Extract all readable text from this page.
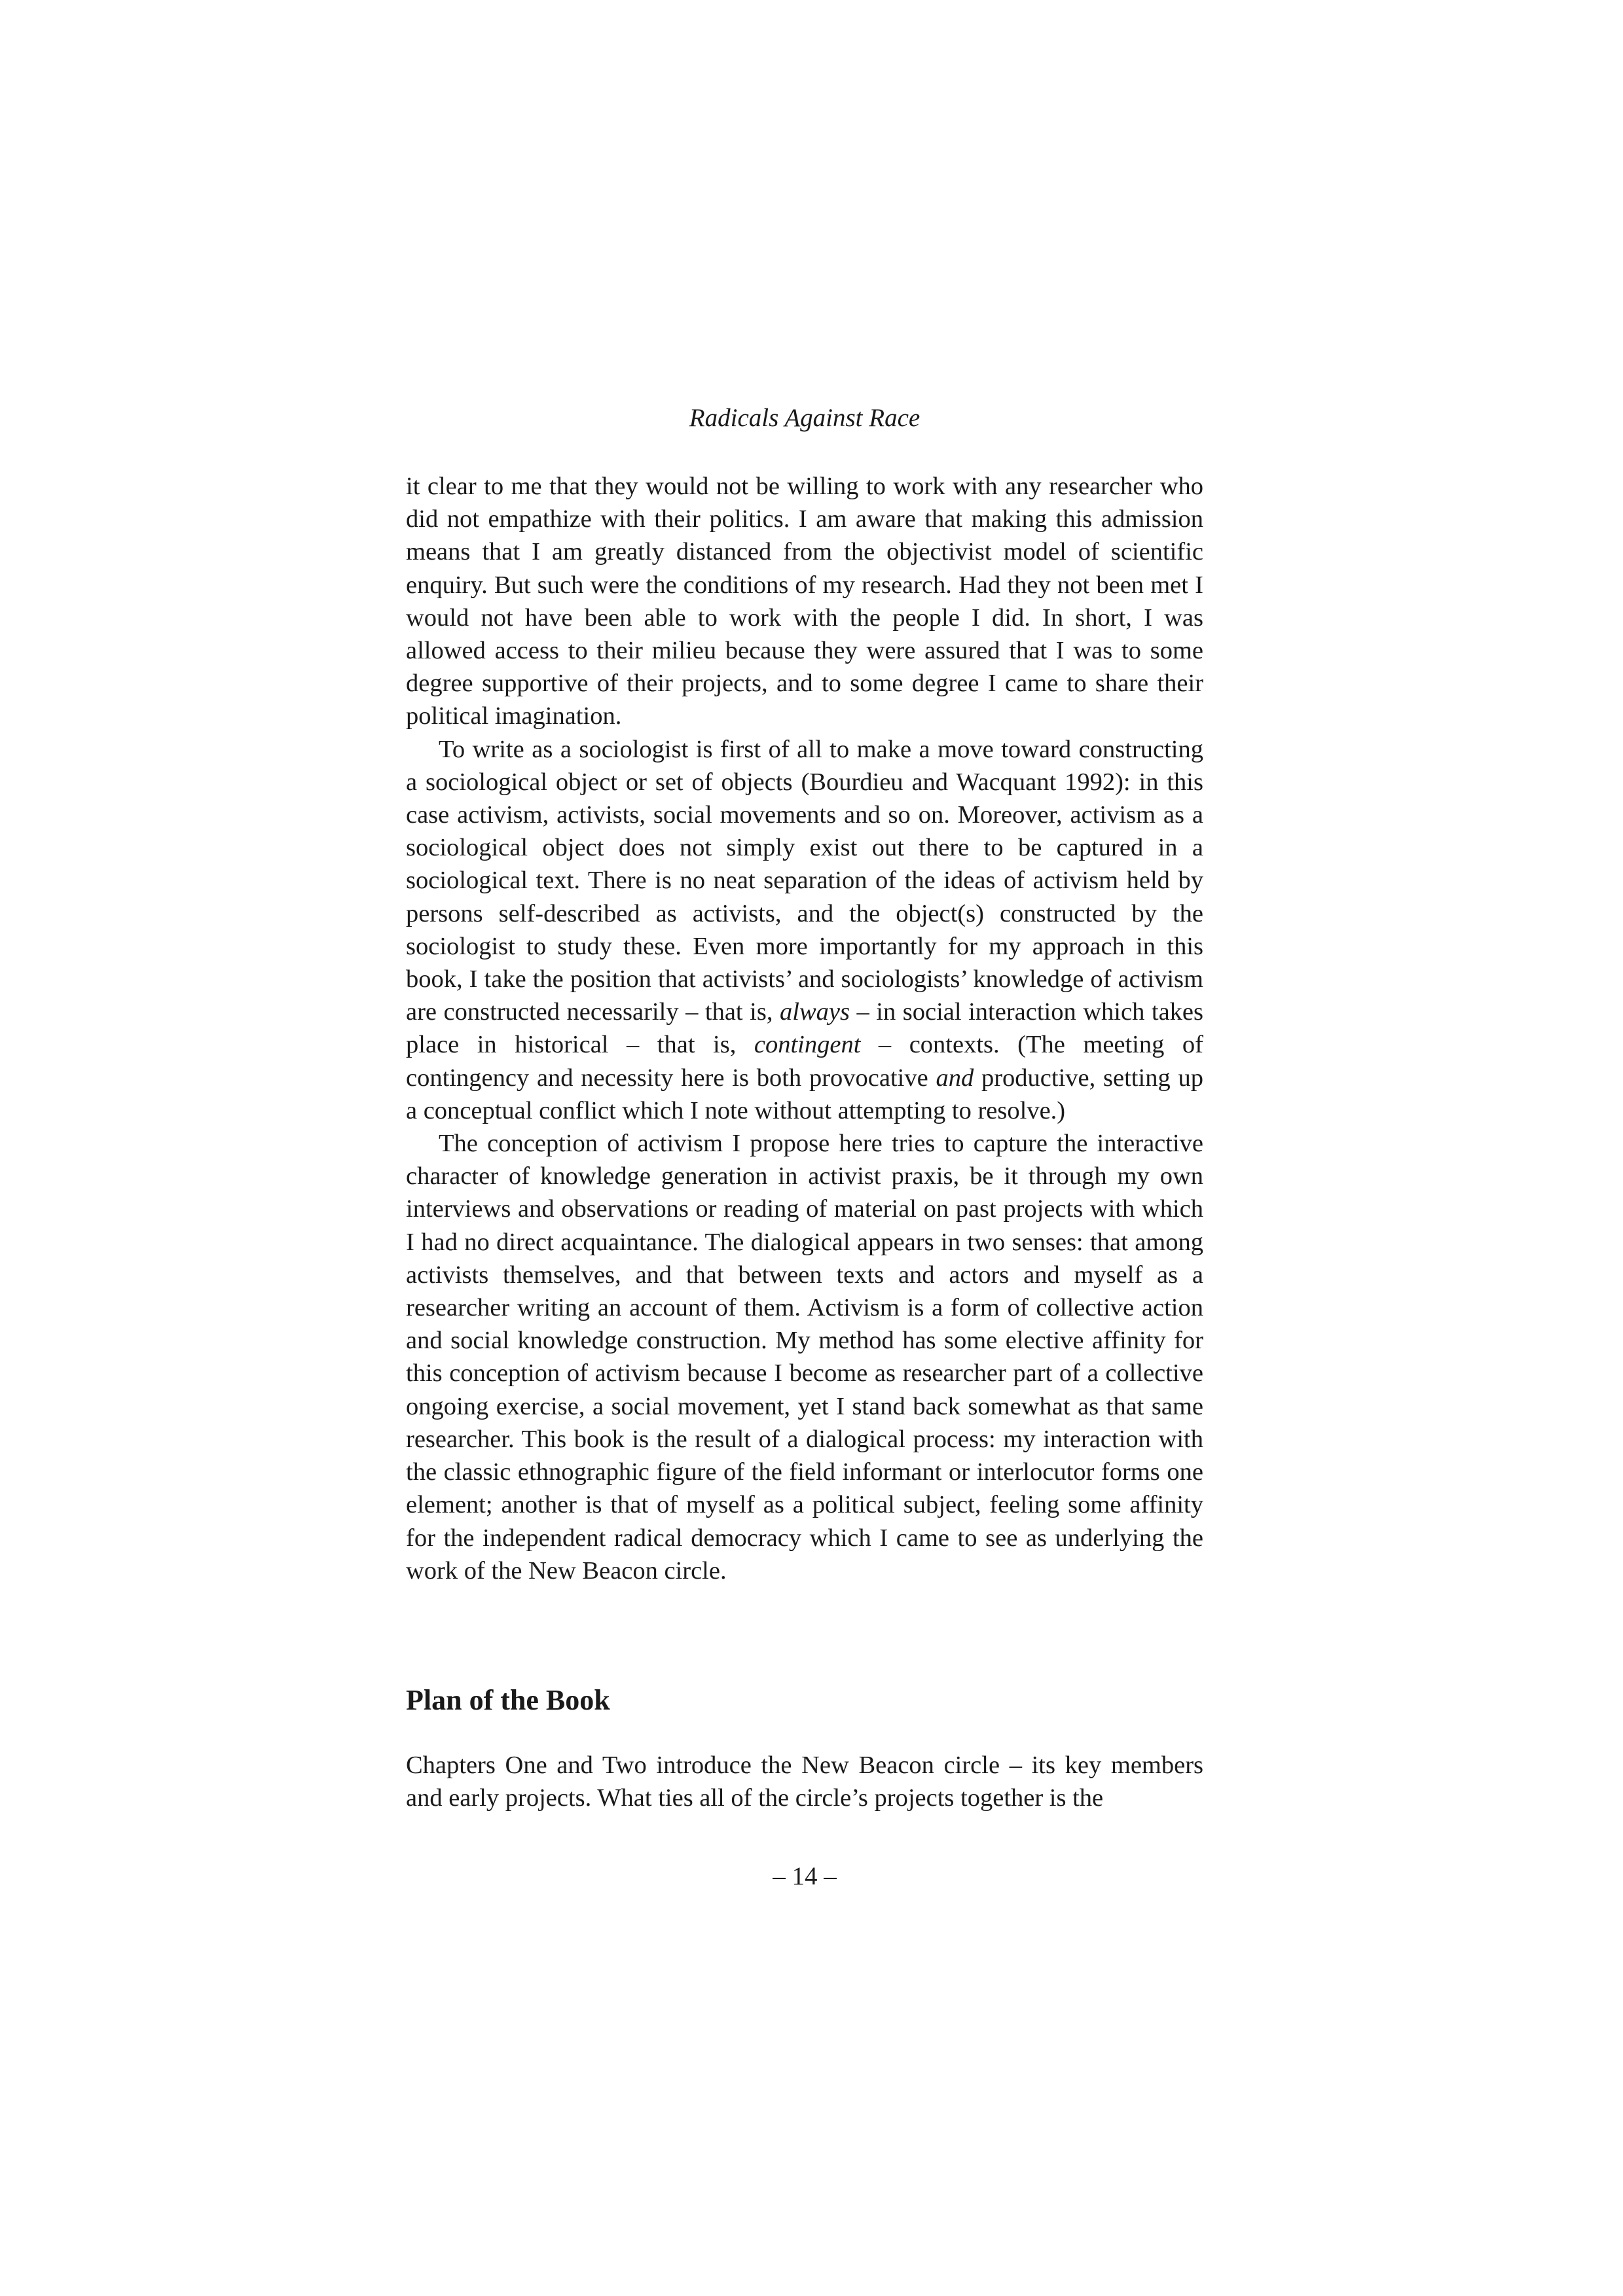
Radicals Against Race

it clear to me that they would not be willing to work with any researcher who did not empathize with their politics. I am aware that making this admission means that I am greatly distanced from the objectivist model of scientific enquiry. But such were the conditions of my research. Had they not been met I would not have been able to work with the people I did. In short, I was allowed access to their milieu because they were assured that I was to some degree supportive of their projects, and to some degree I came to share their political imagination.

To write as a sociologist is first of all to make a move toward constructing a sociological object or set of objects (Bourdieu and Wacquant 1992): in this case activism, activists, social movements and so on. Moreover, activism as a sociological object does not simply exist out there to be captured in a sociological text. There is no neat separation of the ideas of activism held by persons self-described as activists, and the object(s) constructed by the sociologist to study these. Even more importantly for my approach in this book, I take the position that activists’ and sociologists’ knowledge of activism are constructed necessarily – that is, always – in social interaction which takes place in historical – that is, contingent – contexts. (The meeting of contingency and necessity here is both provocative and productive, setting up a conceptual conflict which I note without attempting to resolve.)

The conception of activism I propose here tries to capture the interactive character of knowledge generation in activist praxis, be it through my own interviews and observations or reading of material on past projects with which I had no direct acquaintance. The dialogical appears in two senses: that among activists themselves, and that between texts and actors and myself as a researcher writing an account of them. Activism is a form of collective action and social knowledge construction. My method has some elective affinity for this conception of activism because I become as researcher part of a collective ongoing exercise, a social movement, yet I stand back somewhat as that same researcher. This book is the result of a dialogical process: my interaction with the classic ethnographic figure of the field informant or interlocutor forms one element; another is that of myself as a political subject, feeling some affinity for the independent radical democracy which I came to see as underlying the work of the New Beacon circle.

Plan of the Book

Chapters One and Two introduce the New Beacon circle – its key members and early projects. What ties all of the circle’s projects together is the

– 14 –
